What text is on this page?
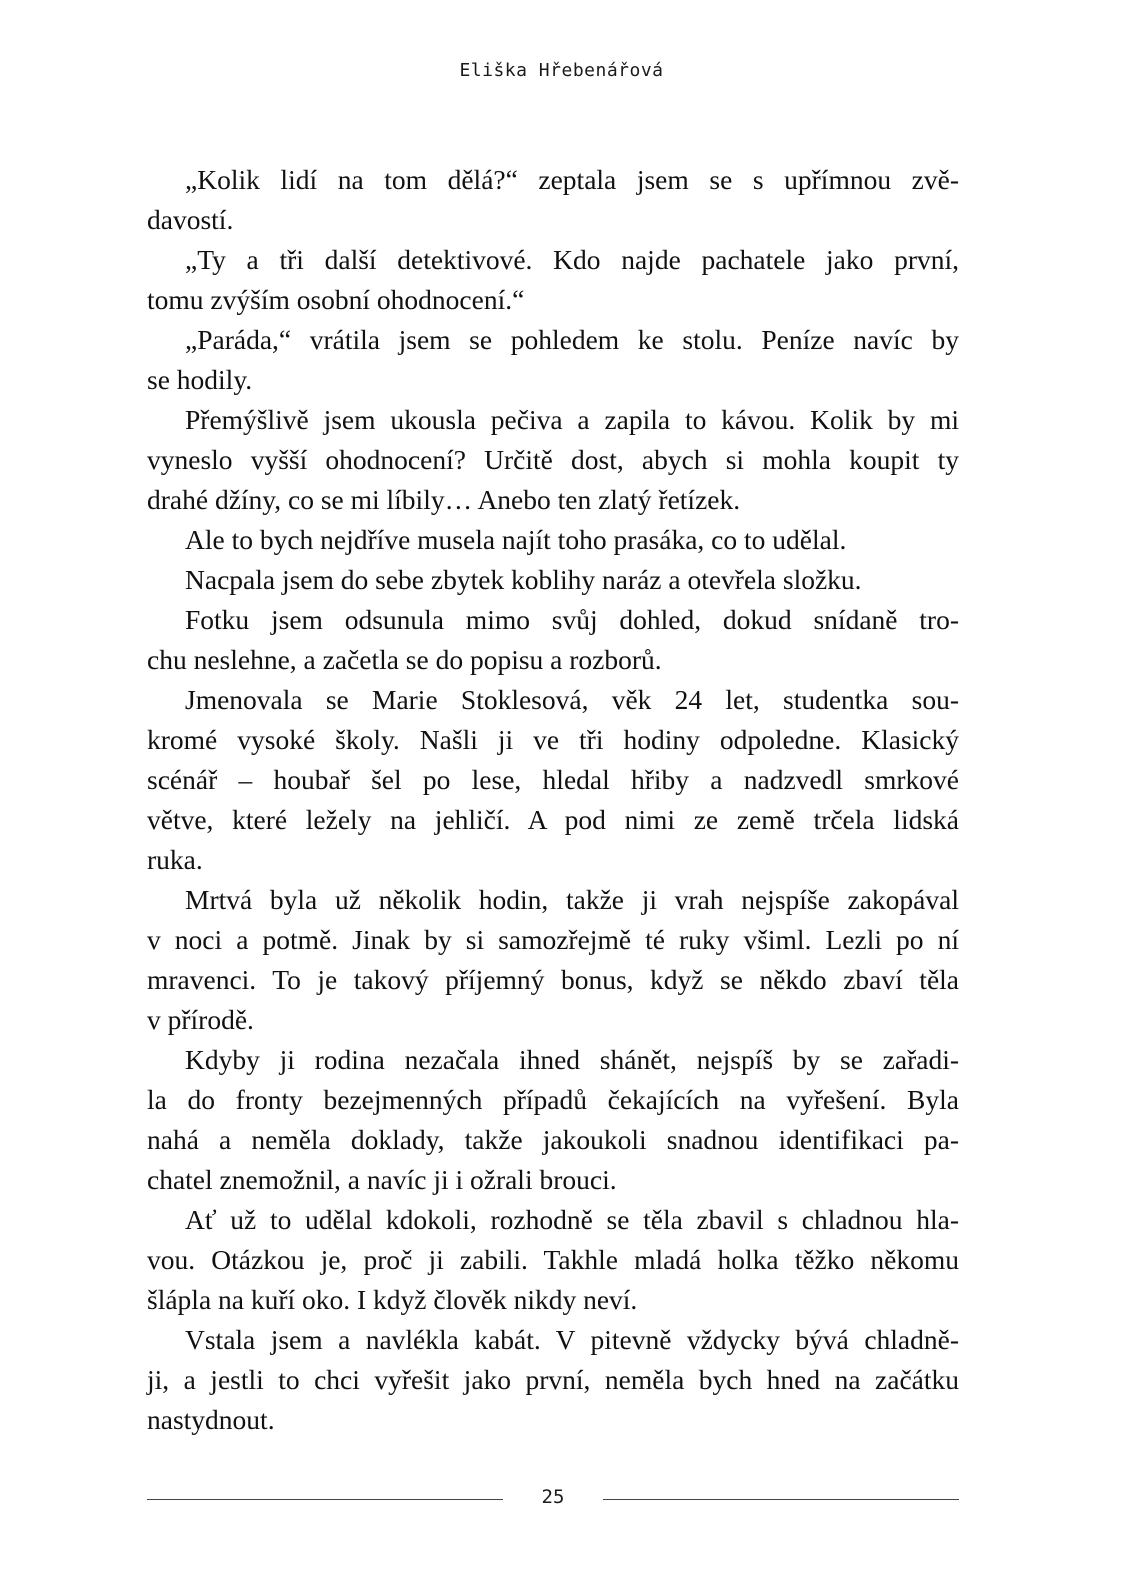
Eliška Hřebenářová
„Kolik lidí na tom dělá?“ zeptala jsem se s upřímnou zvě-
davostí.
„Ty a tři další detektivové. Kdo najde pachatele jako první,
tomu zvýším osobní ohodnocení.“
„Paráda,“ vrátila jsem se pohledem ke stolu. Peníze navíc by
se hodily.
Přemýšlivě jsem ukousla pečiva a zapila to kávou. Kolik by mi
vyneslo vyšší ohodnocení? Určitě dost, abych si mohla koupit ty
drahé džíny, co se mi líbily… Anebo ten zlatý řetízek.
Ale to bych nejdříve musela najít toho prasáka, co to udělal.
Nacpala jsem do sebe zbytek koblihy naráz a otevřela složku.
Fotku jsem odsunula mimo svůj dohled, dokud snídaně tro-
chu neslehne, a začetla se do popisu a rozborů.
Jmenovala se Marie Stoklesová, věk 24 let, studentka sou-
kromé vysoké školy. Našli ji ve tři hodiny odpoledne. Klasický
scénář – houbař šel po lese, hledal hřiby a nadzvedl smrkové
větve, které ležely na jehličí. A pod nimi ze země trčela lidská
ruka.
Mrtvá byla už několik hodin, takže ji vrah nejspíše zakopával
v noci a potmě. Jinak by si samozřejmě té ruky všiml. Lezli po ní
mravenci. To je takový příjemný bonus, když se někdo zbaví těla
v přírodě.
Kdyby ji rodina nezačala ihned shánět, nejspíš by se zařadi-
la do fronty bezejmenných případů čekajících na vyřešení. Byla
nahá a neměla doklady, takže jakoukoli snadnou identifikaci pa-
chatel znemožnil, a navíc ji i ožrali brouci.
Ať už to udělal kdokoli, rozhodně se těla zbavil s chladnou hla-
vou. Otázkou je, proč ji zabili. Takhle mladá holka těžko někomu
šlápla na kuří oko. I když člověk nikdy neví.
Vstala jsem a navlékla kabát. V pitevně vždycky bývá chladně-
ji, a jestli to chci vyřešit jako první, neměla bych hned na začátku
nastydnout.
25
